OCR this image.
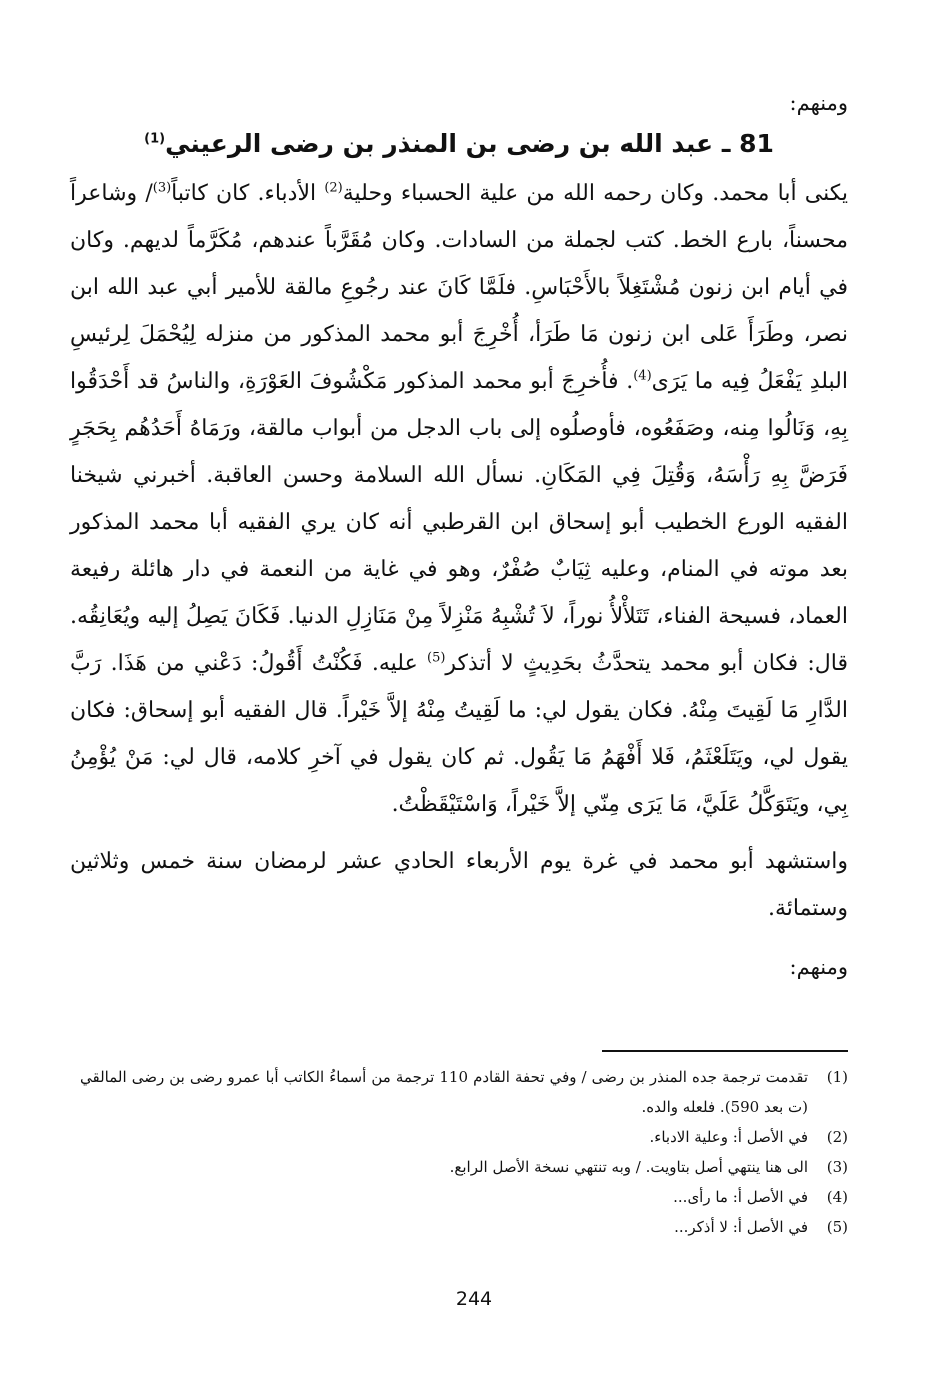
ومنهم:

81 ـ عبد الله بن رضى بن المنذر بن رضى الرعيني$^{(1)}$

يكنى أبا محمد. وكان رحمه الله من علية الحسباء وحلية$^{(2)}$ الأدباء. كان كاتباً$^{(3)}$/ وشاعراً محسناً، بارع الخط. كتب لجملة من السادات. وكان مُقَرَّباً عندهم، مُكَرَّماً لديهم. وكان في أيام ابن زنون مُشْتَغِلاً بالأَحْبَاسِ. فلَمَّا كَانَ عند رجُوعِ مالقة للأمير أبي عبد الله ابن نصر، وطَرَأَ عَلى ابن زنون مَا طَرَأ، أُخْرِجَ أبو محمد المذكور من منزله لِيُحْمَلَ لِرئيسِ البلدِ يَفْعَلُ فِيه ما يَرَى$^{(4)}$. فأُخرِجَ أبو محمد المذكور مَكْشُوفَ العَوْرَةِ، والناسُ قد أَحْدَقُوا بِهِ، وَنَالُوا مِنه، وصَفَعُوه، فأوصلُوه إلى باب الدجل من أبواب مالقة، ورَمَاهُ أَحَدُهُم بِحَجَرٍ فَرَضَّ بِهِ رَأْسَهُ، وَقُتِلَ فِي المَكَانِ. نسأل الله السلامة وحسن العاقبة. أخبرني شيخنا الفقيه الورع الخطيب أبو إسحاق ابن القرطبي أنه كان يري الفقيه أبا محمد المذكور بعد موته في المنام، وعليه ثِيَابٌ صُفْرٌ، وهو في غاية من النعمة في دار هائلة رفيعة العماد، فسيحة الفناء، تَتَلأْلأُ نوراً، لاَ تُشْبِهُ مَنْزِلاً مِنْ مَنَازِلِ الدنيا. فَكَانَ يَصِلُ إليه ويُعَانِقُه. قال: فكان أبو محمد يتحدَّثُ بحَدِيثٍ لا أتذكر$^{(5)}$ عليه. فَكُنْتُ أَقُولُ: دَعْني من هَذَا. رَبَّ الدَّارِ مَا لَقِيتَ مِنْهُ. فكان يقول لي: ما لَقِيتُ مِنْهُ إلاَّ خَيْراً. قال الفقيه أبو إسحاق: فكان يقول لي، ويَتَلَعْثَمُ، فَلا أَفْهَمُ مَا يَقُول. ثم كان يقول في آخرِ كلامه، قال لي: مَنْ يُؤْمِنُ بِي، ويَتَوَكَّلُ عَلَيَّ، مَا يَرَى مِنّي إلاَّ خَيْراً، وَاسْتَيْقَظْتُ.

واستشهد أبو محمد في غرة يوم الأربعاء الحادي عشر لرمضان سنة خمس وثلاثين وستمائة.

ومنهم:

(1)
تقدمت ترجمة جده المنذر بن رضى / وفي تحفة القادم 110 ترجمة من أسماءُ الكاتب أبا عمرو رضى بن رضى المالقي (ت بعد 590). فلعله والده.
(2)
في الأصل أ: وعلية الادباء.
(3)
الى هنا ينتهي أصل بتاويت. / وبه تنتهي نسخة الأصل الرابع.
(4)
في الأصل أ: ما رأى...
(5)
في الأصل أ: لا أذكر...
244
